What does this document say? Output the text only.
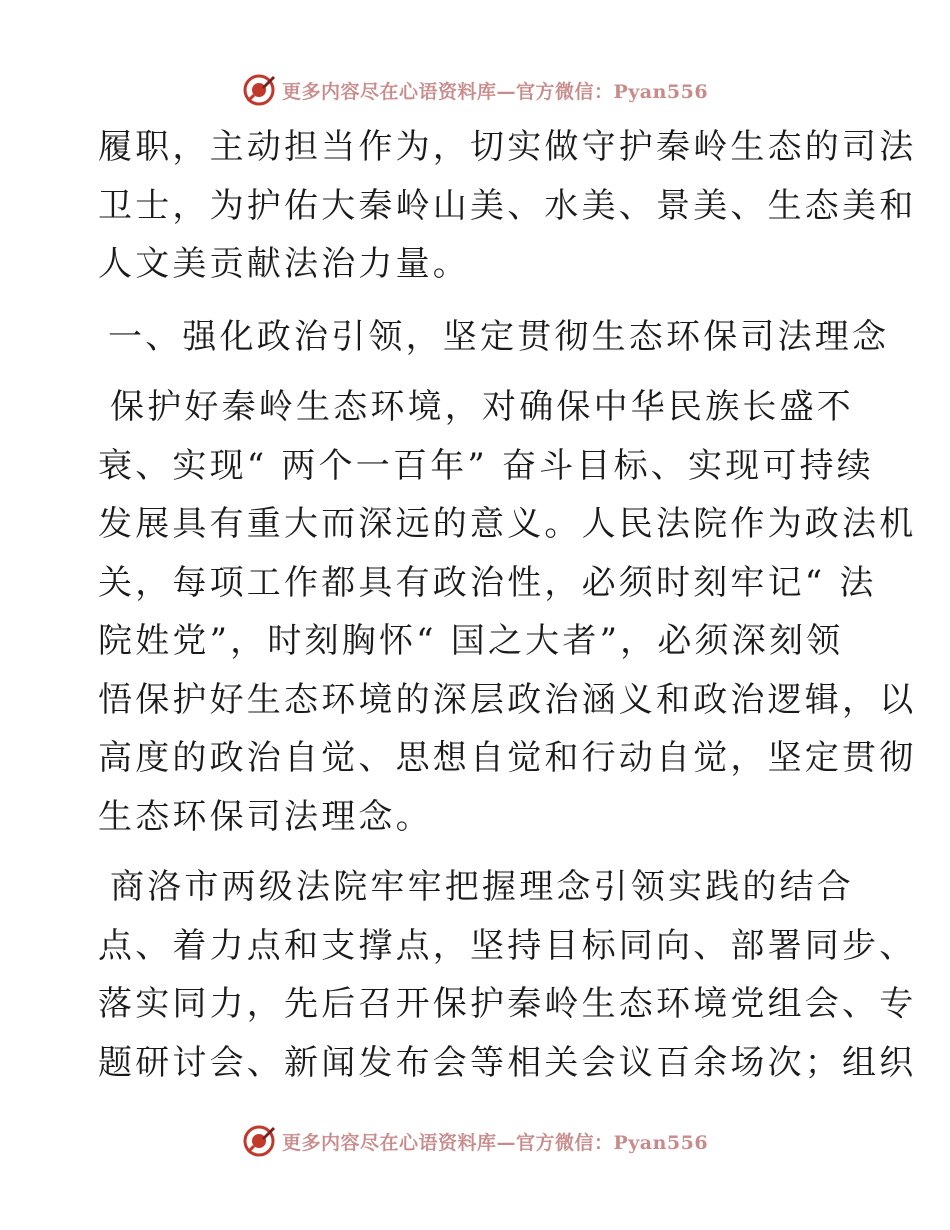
更多内容尽在心语资料库—官方微信：Pyan556
履职，主动担当作为，切实做守护秦岭生态的司法
卫士，为护佑大秦岭山美、水美、景美、生态美和
人文美贡献法治力量。
一、强化政治引领，坚定贯彻生态环保司法理念
保护好秦岭生态环境，对确保中华民族长盛不
衰、实现“ 两个一百年” 奋斗目标、实现可持续
发展具有重大而深远的意义。人民法院作为政法机
关，每项工作都具有政治性，必须时刻牢记“ 法
院姓党”，时刻胸怀“ 国之大者”，必须深刻领
悟保护好生态环境的深层政治涵义和政治逻辑，以
高度的政治自觉、思想自觉和行动自觉，坚定贯彻
生态环保司法理念。
商洛市两级法院牢牢把握理念引领实践的结合
点、着力点和支撑点，坚持目标同向、部署同步、
落实同力，先后召开保护秦岭生态环境党组会、专
题研讨会、新闻发布会等相关会议百余场次；组织
更多内容尽在心语资料库—官方微信：Pyan556
